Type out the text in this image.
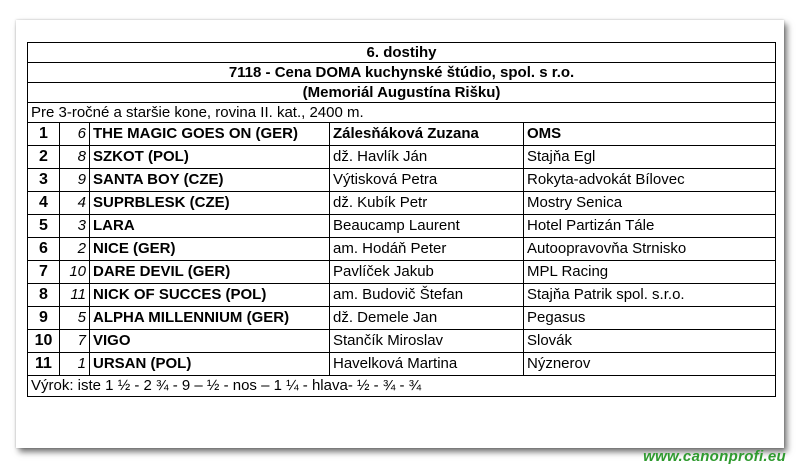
6. dostihy				
7118 - Cena DOMA kuchynské štúdio, spol. s r.o.				
(Memoriál Augustína Rišku)				
Pre 3-ročné a staršie kone, rovina II. kat., 2400 m.				
1	6	THE MAGIC GOES ON (GER)	Zálesňáková Zuzana	OMS
2	8	SZKOT (POL)	dž. Havlík Ján	Stajňa Egl
3	9	SANTA BOY (CZE)	Výtisková Petra	Rokyta-advokát Bílovec
4	4	SUPRBLESK (CZE)	dž. Kubík Petr	Mostry Senica
5	3	LARA	Beaucamp Laurent	Hotel Partizán Tále
6	2	NICE (GER)	am. Hodáň Peter	Autoopravovňa Strnisko
7	10	DARE DEVIL (GER)	Pavlíček Jakub	MPL Racing
8	11	NICK OF SUCCES (POL)	am. Budovič Štefan	Stajňa Patrik spol. s.r.o.
9	5	ALPHA MILLENNIUM (GER)	dž. Demele Jan	Pegasus
10	7	VIGO	Stančík Miroslav	Slovák
11	1	URSAN (POL)	Havelková Martina	Nýznerov
Výrok: iste 1 ½ - 2 ¾ - 9 – ½ - nos – 1 ¼ - hlava- ½ - ¾ - ¾				
www.canonprofi.eu
